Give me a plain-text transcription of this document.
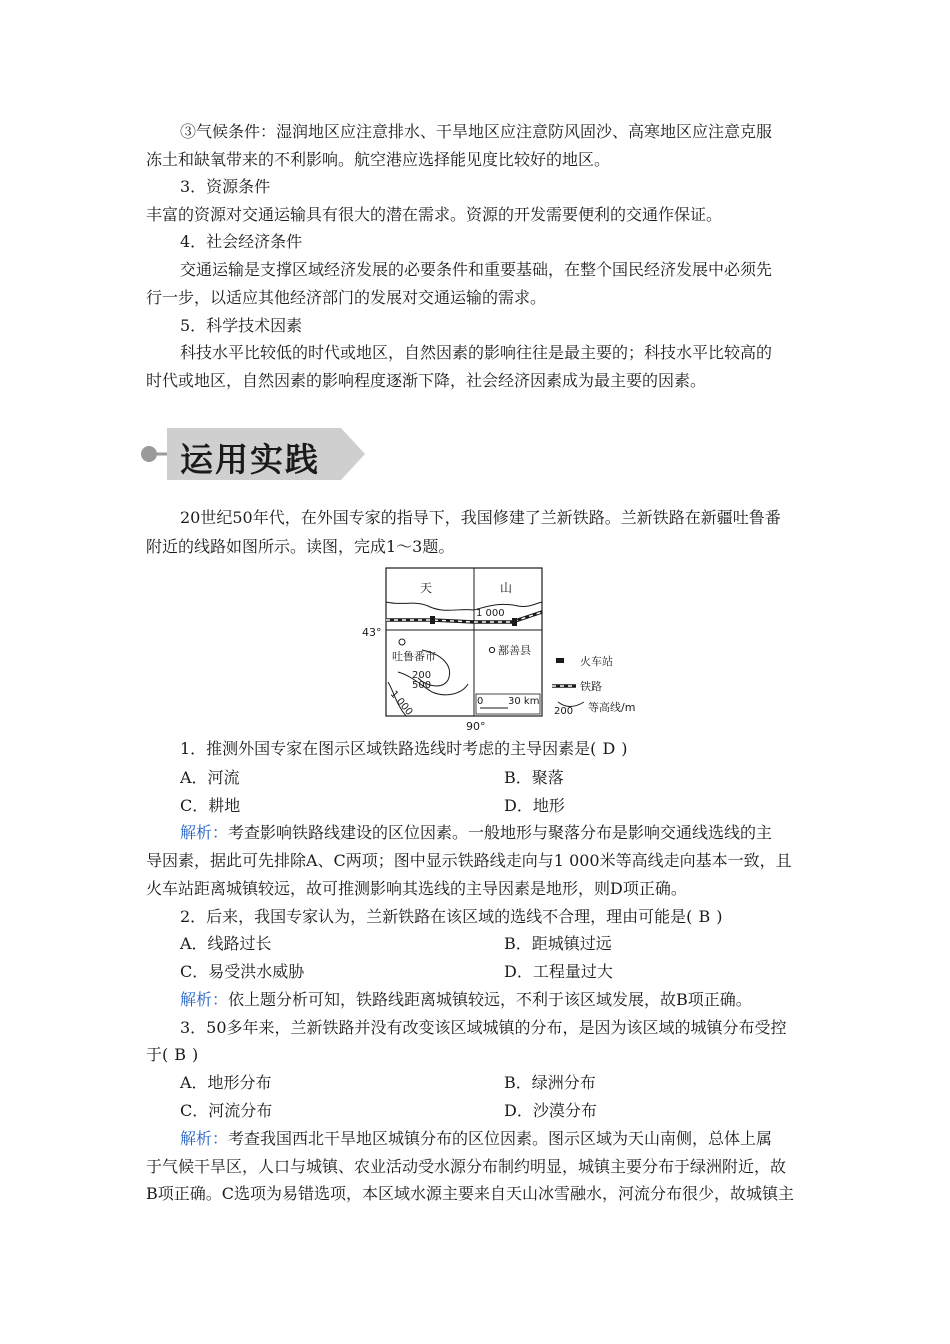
③气候条件：湿润地区应注意排水、干旱地区应注意防风固沙、高寒地区应注意克服
冻土和缺氧带来的不利影响。航空港应选择能见度比较好的地区。
3．资源条件
丰富的资源对交通运输具有很大的潜在需求。资源的开发需要便利的交通作保证。
4．社会经济条件
交通运输是支撑区域经济发展的必要条件和重要基础，在整个国民经济发展中必须先
行一步，以适应其他经济部门的发展对交通运输的需求。
5．科学技术因素
科技水平比较低的时代或地区，自然因素的影响往往是最主要的；科技水平比较高的
时代或地区，自然因素的影响程度逐渐下降，社会经济因素成为最主要的因素。
运用实践
20世纪50年代，在外国专家的指导下，我国修建了兰新铁路。兰新铁路在新疆吐鲁番
附近的线路如图所示。读图，完成1～3题。
天	山
1 000
43°
吐鲁番市	鄯善县
200
500
1 000	0 30 km
90°
火车站
铁路
200 等高线/m
1．推测外国专家在图示区域铁路选线时考虑的主导因素是( D )
A．河流	B．聚落
C．耕地	D．地形
解析：考查影响铁路线建设的区位因素。一般地形与聚落分布是影响交通线选线的主
导因素，据此可先排除A、C两项；图中显示铁路线走向与1 000米等高线走向基本一致，且
火车站距离城镇较远，故可推测影响其选线的主导因素是地形，则D项正确。
2．后来，我国专家认为，兰新铁路在该区域的选线不合理，理由可能是( B )
A．线路过长	B．距城镇过远
C．易受洪水威胁	D．工程量过大
解析：依上题分析可知，铁路线距离城镇较远，不利于该区域发展，故B项正确。
3．50多年来，兰新铁路并没有改变该区域城镇的分布，是因为该区域的城镇分布受控
于( B )
A．地形分布	B．绿洲分布
C．河流分布	D．沙漠分布
解析：考查我国西北干旱地区城镇分布的区位因素。图示区域为天山南侧，总体上属
于气候干旱区，人口与城镇、农业活动受水源分布制约明显，城镇主要分布于绿洲附近，故
B项正确。C选项为易错选项，本区域水源主要来自天山冰雪融水，河流分布很少，故城镇主
